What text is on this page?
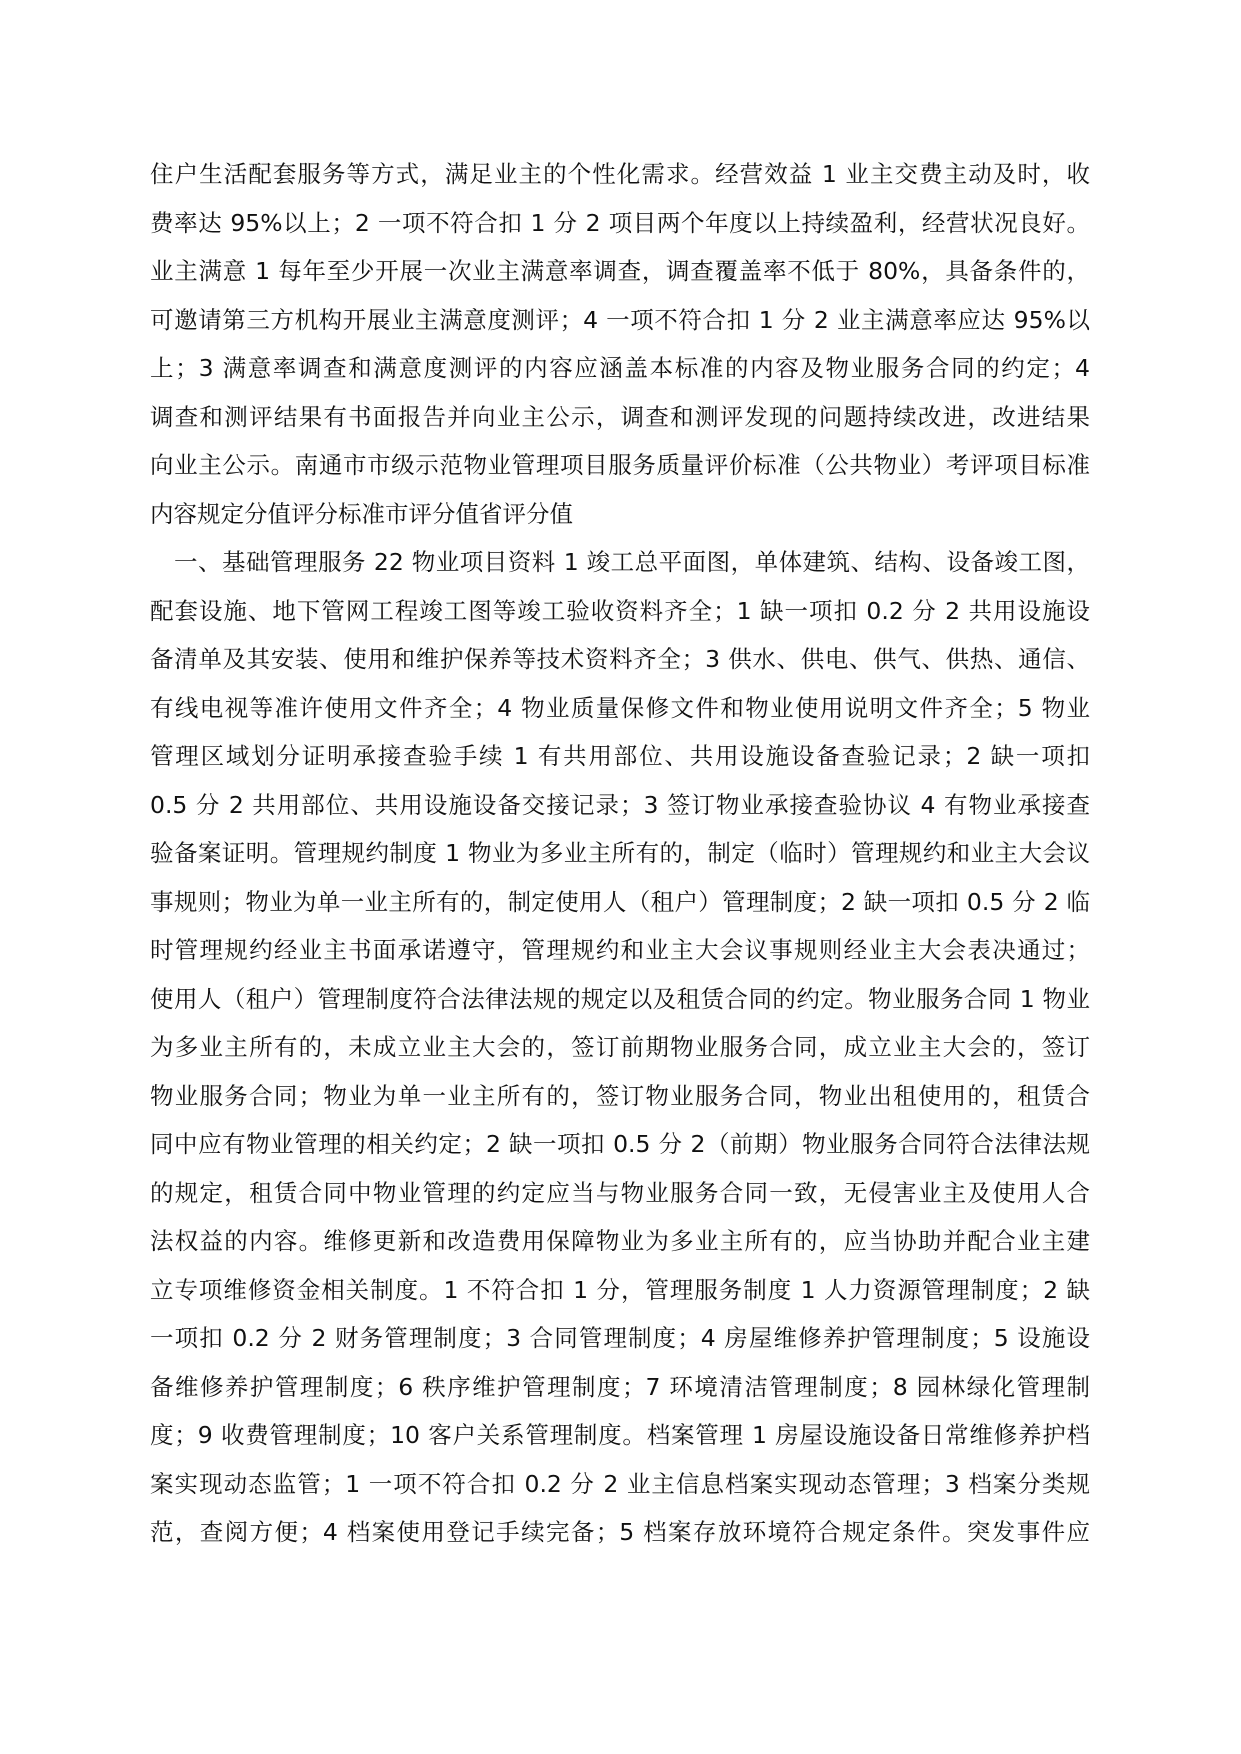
住户生活配套服务等方式，满足业主的个性化需求。经营效益 1 业主交费主动及时，收
费率达 95%以上；2 一项不符合扣 1 分 2 项目两个年度以上持续盈利，经营状况良好。
业主满意 1 每年至少开展一次业主满意率调查，调查覆盖率不低于 80%，具备条件的，
可邀请第三方机构开展业主满意度测评；4 一项不符合扣 1 分 2 业主满意率应达 95%以
上；3 满意率调查和满意度测评的内容应涵盖本标准的内容及物业服务合同的约定；4
调查和测评结果有书面报告并向业主公示，调查和测评发现的问题持续改进，改进结果
向业主公示。南通市市级示范物业管理项目服务质量评价标准（公共物业）考评项目标准
内容规定分值评分标准市评分值省评分值
　一、基础管理服务 22 物业项目资料 1 竣工总平面图，单体建筑、结构、设备竣工图，
配套设施、地下管网工程竣工图等竣工验收资料齐全；1 缺一项扣 0.2 分 2 共用设施设
备清单及其安装、使用和维护保养等技术资料齐全；3 供水、供电、供气、供热、通信、
有线电视等准许使用文件齐全；4 物业质量保修文件和物业使用说明文件齐全；5 物业
管理区域划分证明承接查验手续 1 有共用部位、共用设施设备查验记录；2 缺一项扣
0.5 分 2 共用部位、共用设施设备交接记录；3 签订物业承接查验协议 4 有物业承接查
验备案证明。管理规约制度 1 物业为多业主所有的，制定（临时）管理规约和业主大会议
事规则；物业为单一业主所有的，制定使用人（租户）管理制度；2 缺一项扣 0.5 分 2 临
时管理规约经业主书面承诺遵守，管理规约和业主大会议事规则经业主大会表决通过；
使用人（租户）管理制度符合法律法规的规定以及租赁合同的约定。物业服务合同 1 物业
为多业主所有的，未成立业主大会的，签订前期物业服务合同，成立业主大会的，签订
物业服务合同；物业为单一业主所有的，签订物业服务合同，物业出租使用的，租赁合
同中应有物业管理的相关约定；2 缺一项扣 0.5 分 2（前期）物业服务合同符合法律法规
的规定，租赁合同中物业管理的约定应当与物业服务合同一致，无侵害业主及使用人合
法权益的内容。维修更新和改造费用保障物业为多业主所有的，应当协助并配合业主建
立专项维修资金相关制度。1 不符合扣 1 分，管理服务制度 1 人力资源管理制度；2 缺
一项扣 0.2 分 2 财务管理制度；3 合同管理制度；4 房屋维修养护管理制度；5 设施设
备维修养护管理制度；6 秩序维护管理制度；7 环境清洁管理制度；8 园林绿化管理制
度；9 收费管理制度；10 客户关系管理制度。档案管理 1 房屋设施设备日常维修养护档
案实现动态监管；1 一项不符合扣 0.2 分 2 业主信息档案实现动态管理；3 档案分类规
范，查阅方便；4 档案使用登记手续完备；5 档案存放环境符合规定条件。突发事件应
